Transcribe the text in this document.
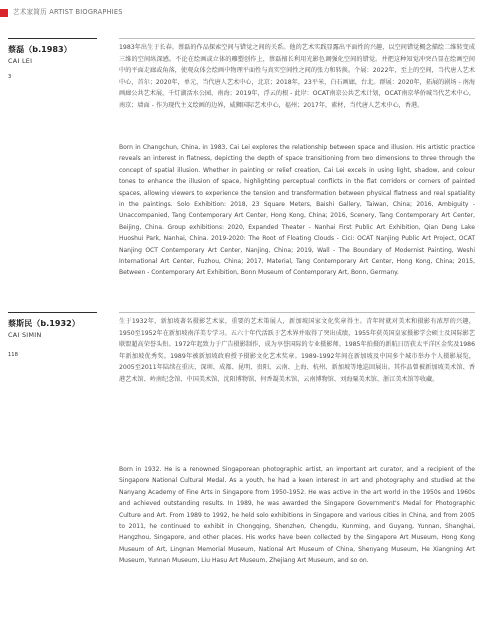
艺术家简历 ARTIST BIOGRAPHIES
蔡磊（b.1983）
CAI LEI
3

1983年出生于长春。蔡磊的作品探索空间与错觉之间的关系。他的艺术实践显露出平面性的兴趣，以空间错觉概念描绘二维转变成三维的空间纵深感。不论在绘画或立体的雕塑创作上，蔡磊擅长利用光影色调强化空间的错觉。并把这种知觉冲突凸显在绘画空间中的平面走廊或角落，使观众体会绘画中物理平面性与真实空间性之间的张力和转换。个展：2022年，至上的空间，当代唐人艺术中心，首尔；2020年，单元，当代唐人艺术中心，北京；2018年，23平米，白石画廊，台北。群展：2020年，拓展的剧场 - 南海画廊公共艺术展，千灯湖活水公园，南海；2019年，浮云的根 - 此岸：OCAT南京公共艺术计划，OCAT南京华侨城当代艺术中心，南京；墙面 - 作为现代主义绘画的边界，威狮国际艺术中心，福州；2017年，素材，当代唐人艺术中心，香港。

Born in Changchun, China, in 1983, Cai Lei explores the relationship between space and illusion. His artistic practice reveals an interest in flatness, depicting the depth of space transitioning from two dimensions to three through the concept of spatial illusion. Whether in painting or relief creation, Cai Lei excels in using light, shadow, and colour tones to enhance the illusion of space, highlighting perceptual conflicts in the flat corridors or corners of painted spaces, allowing viewers to experience the tension and transformation between physical flatness and real spatiality in the paintings. Solo Exhibition: 2018, 23 Square Meters, Baishi Gallery, Taiwan, China; 2016, Ambiguity - Unaccompanied, Tang Contemporary Art Center, Hong Kong, China; 2016, Scenery, Tang Contemporary Art Center, Beijing, China. Group exhibitions: 2020, Expanded Theater - Nanhai First Public Art Exhibition, Qian Deng Lake Huoshui Park, Nanhai, China. 2019-2020: The Root of Floating Clouds - Cici: OCAT Nanjing Public Art Project, OCAT Nanjing OCT Contemporary Art Center, Nanjing, China; 2019, Wall - The Boundary of Modernist Painting, Weshi International Art Center, Fuzhou, China; 2017, Material, Tang Contemporary Art Center, Hong Kong, China; 2015, Between - Contemporary Art Exhibition, Bonn Museum of Contemporary Art, Bonn, Germany.

蔡斯民（b.1932）
CAI SIMIN
118

生于1932年，新加坡著名摄影艺术家，重要的艺术策展人，新加坡国家文化奖章得主。青年时就对美术和摄影有浓厚的兴趣，1950至1952年在新加坡南洋美专学习。五六十年代活跃于艺术界并取得了突出成绩，1955年获英国皇家摄影学会硕士及国际影艺联盟超高荣誉头衔。1972年起致力于广告摄影制作，成为享誉国际的专业摄影师。1985年拍摄的新航日历获太平洋区金奖及1986年新加坡优秀奖。1989年被新加坡政府授予摄影文化艺术奖章。1989-1992年间在新加坡及中国多个城市举办个人摄影展览，2005至2011年陆续在重庆、深圳、成都、昆明、贵阳、云南、上海、杭州、新加坡等地巡回展出。其作品曾被新加坡美术馆、香港艺术馆、岭南纪念馆、中国美术馆、沈阳博物馆、何香凝美术馆、云南博物馆、刘海粟美术馆、浙江美术馆等收藏。

Born in 1932. He is a renowned Singaporean photographic artist, an important art curator, and a recipient of the Singapore National Cultural Medal. As a youth, he had a keen interest in art and photography and studied at the Nanyang Academy of Fine Arts in Singapore from 1950-1952. He was active in the art world in the 1950s and 1960s and achieved outstanding results. In 1989, he was awarded the Singapore Government's Medal for Photographic Culture and Art. From 1989 to 1992, he held solo exhibitions in Singapore and various cities in China, and from 2005 to 2011, he continued to exhibit in Chongqing, Shenzhen, Chengdu, Kunming, and Guyang, Yunnan, Shanghai, Hangzhou, Singapore, and other places. His works have been collected by the Singapore Art Museum, Hong Kong Museum of Art, Lingnan Memorial Museum, National Art Museum of China, Shenyang Museum, He Xiangning Art Museum, Yunnan Museum, Liu Hasu Art Museum, Zhejiang Art Museum, and so on.
